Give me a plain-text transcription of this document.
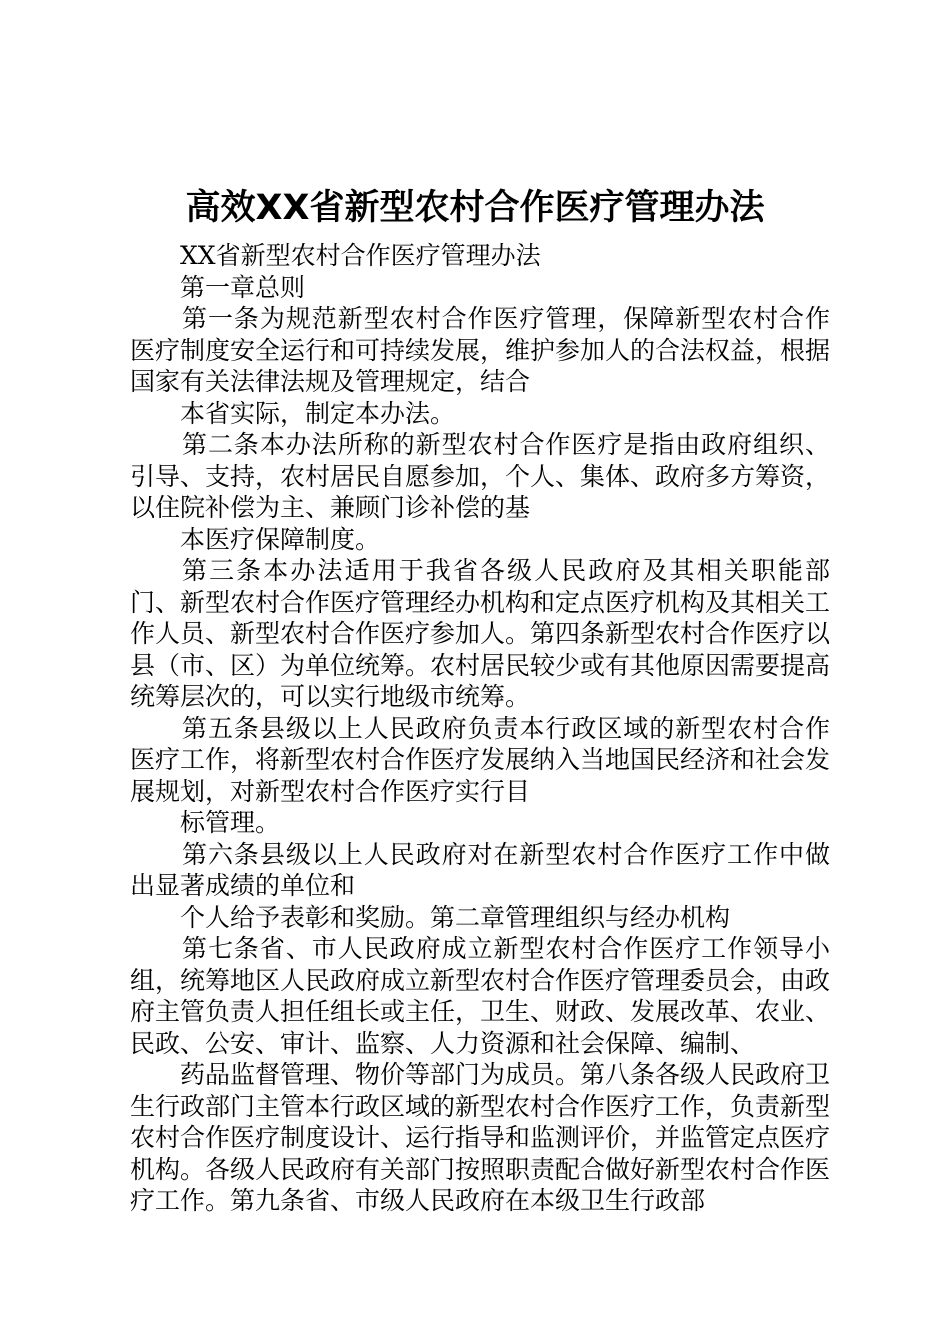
高效XX省新型农村合作医疗管理办法

XX省新型农村合作医疗管理办法

第一章总则

第一条为规范新型农村合作医疗管理，保障新型农村合作医疗制度安全运行和可持续发展，维护参加人的合法权益，根据国家有关法律法规及管理规定，结合

本省实际，制定本办法。

第二条本办法所称的新型农村合作医疗是指由政府组织、引导、支持，农村居民自愿参加，个人、集体、政府多方筹资，以住院补偿为主、兼顾门诊补偿的基

本医疗保障制度。

第三条本办法适用于我省各级人民政府及其相关职能部门、新型农村合作医疗管理经办机构和定点医疗机构及其相关工作人员、新型农村合作医疗参加人。第四条新型农村合作医疗以县（市、区）为单位统筹。农村居民较少或有其他原因需要提高统筹层次的，可以实行地级市统筹。

第五条县级以上人民政府负责本行政区域的新型农村合作医疗工作，将新型农村合作医疗发展纳入当地国民经济和社会发展规划，对新型农村合作医疗实行目

标管理。

第六条县级以上人民政府对在新型农村合作医疗工作中做出显著成绩的单位和

个人给予表彰和奖励。第二章管理组织与经办机构

第七条省、市人民政府成立新型农村合作医疗工作领导小组，统筹地区人民政府成立新型农村合作医疗管理委员会，由政府主管负责人担任组长或主任，卫生、财政、发展改革、农业、民政、公安、审计、监察、人力资源和社会保障、编制、

药品监督管理、物价等部门为成员。第八条各级人民政府卫生行政部门主管本行政区域的新型农村合作医疗工作，负责新型农村合作医疗制度设计、运行指导和监测评价，并监管定点医疗机构。各级人民政府有关部门按照职责配合做好新型农村合作医疗工作。第九条省、市级人民政府在本级卫生行政部
